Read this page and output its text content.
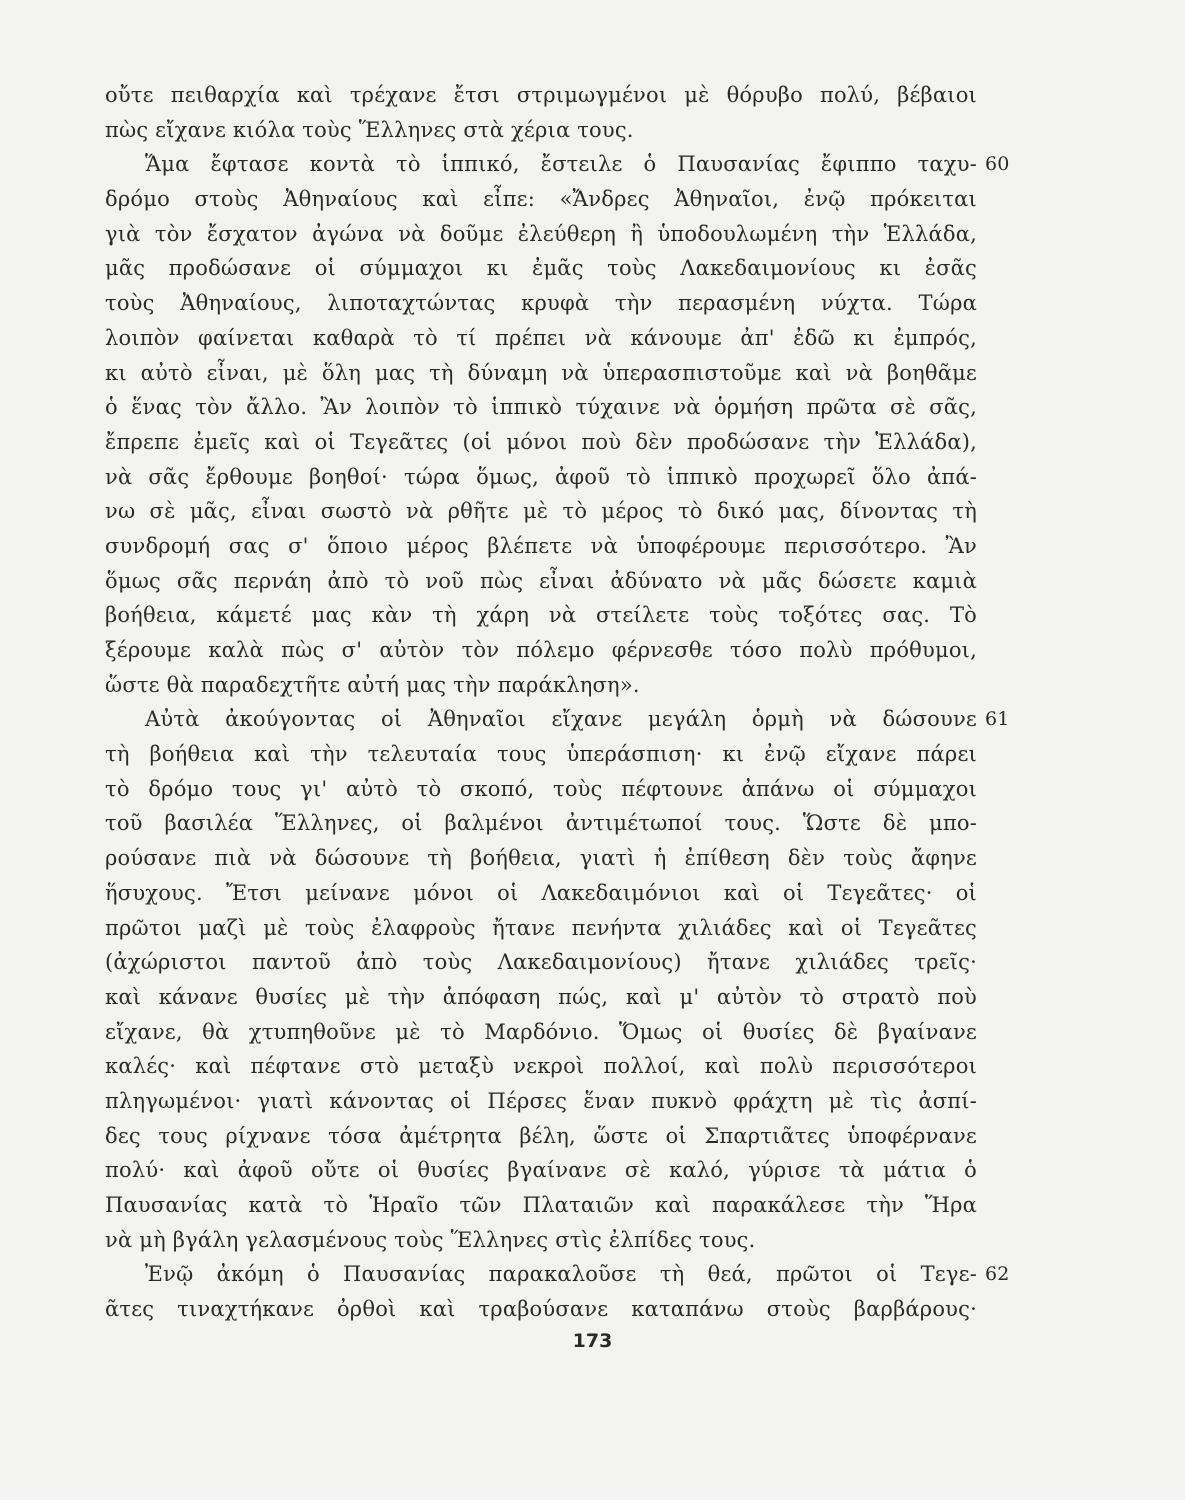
οὔτε πειθαρχία καὶ τρέχανε ἔτσι στριμωγμένοι μὲ θόρυβο πολύ, βέβαιοι
πὼς εἴχανε κιόλα τοὺς Ἕλληνες στὰ χέρια τους.
Ἅμα ἔφτασε κοντὰ τὸ ἱππικό, ἔστειλε ὁ Παυσανίας ἔφιππο ταχυ- 60
δρόμο στοὺς Ἀθηναίους καὶ εἶπε: «Ἄνδρες Ἀθηναῖοι, ἐνῷ πρόκειται
γιὰ τὸν ἔσχατον ἀγώνα νὰ δοῦμε ἐλεύθερη ἢ ὑποδουλωμένη τὴν Ἑλλάδα,
μᾶς προδώσανε οἱ σύμμαχοι κι ἐμᾶς τοὺς Λακεδαιμονίους κι ἐσᾶς
τοὺς Ἀθηναίους, λιποταχτώντας κρυφὰ τὴν περασμένη νύχτα. Τώρα
λοιπὸν φαίνεται καθαρὰ τὸ τί πρέπει νὰ κάνουμε ἀπ' ἐδῶ κι ἐμπρός,
κι αὐτὸ εἶναι, μὲ ὅλη μας τὴ δύναμη νὰ ὑπερασπιστοῦμε καὶ νὰ βοηθᾶμε
ὁ ἕνας τὸν ἄλλο. Ἂν λοιπὸν τὸ ἱππικὸ τύχαινε νὰ ὁρμήση πρῶτα σὲ σᾶς,
ἔπρεπε ἐμεῖς καὶ οἱ Τεγεᾶτες (οἱ μόνοι ποὺ δὲν προδώσανε τὴν Ἑλλάδα),
νὰ σᾶς ἔρθουμε βοηθοί· τώρα ὅμως, ἀφοῦ τὸ ἱππικὸ προχωρεῖ ὅλο ἀπά-
νω σὲ μᾶς, εἶναι σωστὸ νὰ ρθῆτε μὲ τὸ μέρος τὸ δικό μας, δίνοντας τὴ
συνδρομή σας σ' ὅποιο μέρος βλέπετε νὰ ὑποφέρουμε περισσότερο. Ἂν
ὅμως σᾶς περνάη ἀπὸ τὸ νοῦ πὼς εἶναι ἀδύνατο νὰ μᾶς δώσετε καμιὰ
βοήθεια, κάμετέ μας κὰν τὴ χάρη νὰ στείλετε τοὺς τοξότες σας. Τὸ
ξέρουμε καλὰ πὼς σ' αὐτὸν τὸν πόλεμο φέρνεσθε τόσο πολὺ πρόθυμοι,
ὥστε θὰ παραδεχτῆτε αὐτή μας τὴν παράκληση».
Αὐτὰ ἀκούγοντας οἱ Ἀθηναῖοι εἴχανε μεγάλη ὁρμὴ νὰ δώσουνε 61
τὴ βοήθεια καὶ τὴν τελευταία τους ὑπεράσπιση· κι ἐνῷ εἴχανε πάρει
τὸ δρόμο τους γι' αὐτὸ τὸ σκοπό, τοὺς πέφτουνε ἀπάνω οἱ σύμμαχοι
τοῦ βασιλέα Ἕλληνες, οἱ βαλμένοι ἀντιμέτωποί τους. Ὥστε δὲ μπο-
ρούσανε πιὰ νὰ δώσουνε τὴ βοήθεια, γιατὶ ἡ ἐπίθεση δὲν τοὺς ἄφηνε
ἥσυχους. Ἔτσι μείνανε μόνοι οἱ Λακεδαιμόνιοι καὶ οἱ Τεγεᾶτες· οἱ
πρῶτοι μαζὶ μὲ τοὺς ἐλαφροὺς ἤτανε πενήντα χιλιάδες καὶ οἱ Τεγεᾶτες
(ἀχώριστοι παντοῦ ἀπὸ τοὺς Λακεδαιμονίους) ἤτανε χιλιάδες τρεῖς·
καὶ κάνανε θυσίες μὲ τὴν ἀπόφαση πώς, καὶ μ' αὐτὸν τὸ στρατὸ ποὺ
εἴχανε, θὰ χτυπηθοῦνε μὲ τὸ Μαρδόνιο. Ὅμως οἱ θυσίες δὲ βγαίνανε
καλές· καὶ πέφτανε στὸ μεταξὺ νεκροὶ πολλοί, καὶ πολὺ περισσότεροι
πληγωμένοι· γιατὶ κάνοντας οἱ Πέρσες ἕναν πυκνὸ φράχτη μὲ τὶς ἀσπί-
δες τους ρίχνανε τόσα ἀμέτρητα βέλη, ὥστε οἱ Σπαρτιᾶτες ὑποφέρνανε
πολύ· καὶ ἀφοῦ οὔτε οἱ θυσίες βγαίνανε σὲ καλό, γύρισε τὰ μάτια ὁ
Παυσανίας κατὰ τὸ Ἡραῖο τῶν Πλαταιῶν καὶ παρακάλεσε τὴν Ἥρα
νὰ μὴ βγάλη γελασμένους τοὺς Ἕλληνες στὶς ἐλπίδες τους.
Ἐνῷ ἀκόμη ὁ Παυσανίας παρακαλοῦσε τὴ θεά, πρῶτοι οἱ Τεγε- 62
ᾶτες τιναχτήκανε ὀρθοὶ καὶ τραβούσανε καταπάνω στοὺς βαρβάρους·
173
